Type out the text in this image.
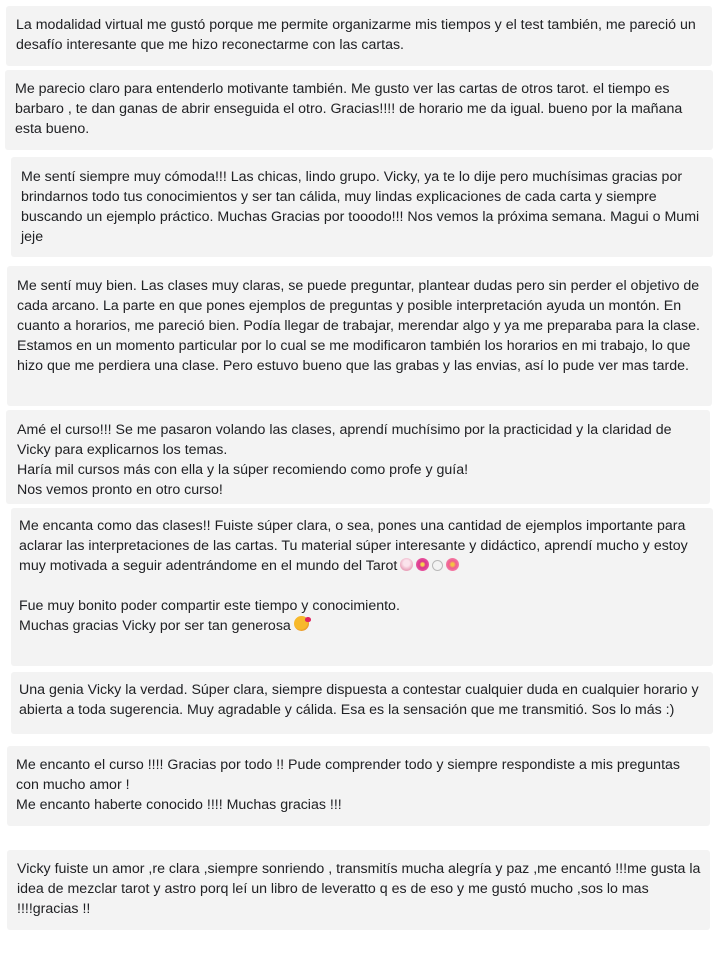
La modalidad virtual me gustó porque me permite organizarme mis tiempos y el test también, me pareció un desafío interesante que me hizo reconectarme con las cartas.

Me parecio claro para entenderlo motivante también. Me gusto ver las cartas de otros tarot. el tiempo es barbaro , te dan ganas de abrir enseguida el otro. Gracias!!!! de horario me da igual. bueno por la mañana esta bueno.

Me sentí siempre muy cómoda!!! Las chicas, lindo grupo. Vicky, ya te lo dije pero muchísimas gracias por brindarnos todo tus conocimientos y ser tan cálida, muy lindas explicaciones de cada carta y siempre buscando un ejemplo práctico. Muchas Gracias por tooodo!!! Nos vemos la próxima semana. Magui o Mumi jeje

Me sentí muy bien. Las clases muy claras, se puede preguntar, plantear dudas pero sin perder el objetivo de cada arcano. La parte en que pones ejemplos de preguntas y posible interpretación ayuda un montón. En cuanto a horarios, me pareció bien. Podía llegar de trabajar, merendar algo y ya me preparaba para la clase. Estamos en un momento particular por lo cual se me modificaron también los horarios en mi trabajo, lo que hizo que me perdiera una clase. Pero estuvo bueno que las grabas y las envias, así lo pude ver mas tarde.

Amé el curso!!! Se me pasaron volando las clases, aprendí muchísimo por la practicidad y la claridad de Vicky para explicarnos los temas.
Haría mil cursos más con ella y la súper recomiendo como profe y guía!
Nos vemos pronto en otro curso!

Me encanta como das clases!! Fuiste súper clara, o sea, pones una cantidad de ejemplos importante para aclarar las interpretaciones de las cartas. Tu material súper interesante y didáctico, aprendí mucho y estoy muy motivada a seguir adentrándome en el mundo del Tarot

Fue muy bonito poder compartir este tiempo y conocimiento.

Muchas gracias Vicky por ser tan generosa

Una genia Vicky la verdad. Súper clara, siempre dispuesta a contestar cualquier duda en cualquier horario y abierta a toda sugerencia. Muy agradable y cálida. Esa es la sensación que me transmitió. Sos lo más :)

Me encanto el curso !!!! Gracias por todo !! Pude comprender todo y siempre respondiste a mis preguntas con mucho amor !
Me encanto haberte conocido !!!! Muchas gracias !!!

Vicky fuiste un amor ,re clara ,siempre sonriendo , transmitís mucha alegría y paz ,me encantó !!!me gusta la idea de mezclar tarot y astro porq leí un libro de leveratto q es de eso y me gustó mucho ,sos lo mas !!!!gracias !!
